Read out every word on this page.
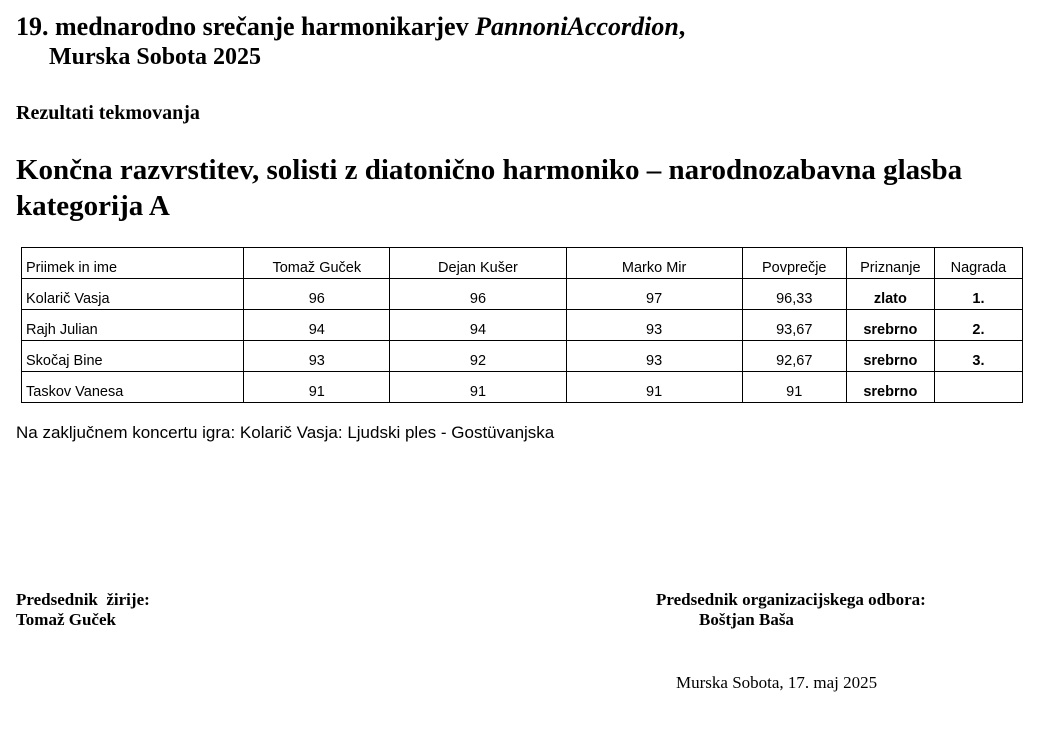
19. mednarodno srečanje harmonikarjev PannoniAccordion,
Murska Sobota 2025
Rezultati tekmovanja
Končna razvrstitev, solisti z diatonično harmoniko – narodnozabavna glasba
kategorija A
Priimek in ime	Tomaž Guček	Dejan Kušer	Marko Mir	Povprečje	Priznanje	Nagrada
Kolarič Vasja	96	96	97	96,33	zlato	1.
Rajh Julian	94	94	93	93,67	srebrno	2.
Skočaj Bine	93	92	93	92,67	srebrno	3.
Taskov Vanesa	91	91	91	91	srebrno	
Na zaključnem koncertu igra: Kolarič Vasja: Ljudski ples - Gostüvanjska
Predsednik  žirije:
Tomaž Guček
Predsednik organizacijskega odbora:
Boštjan Baša
Murska Sobota, 17. maj 2025
